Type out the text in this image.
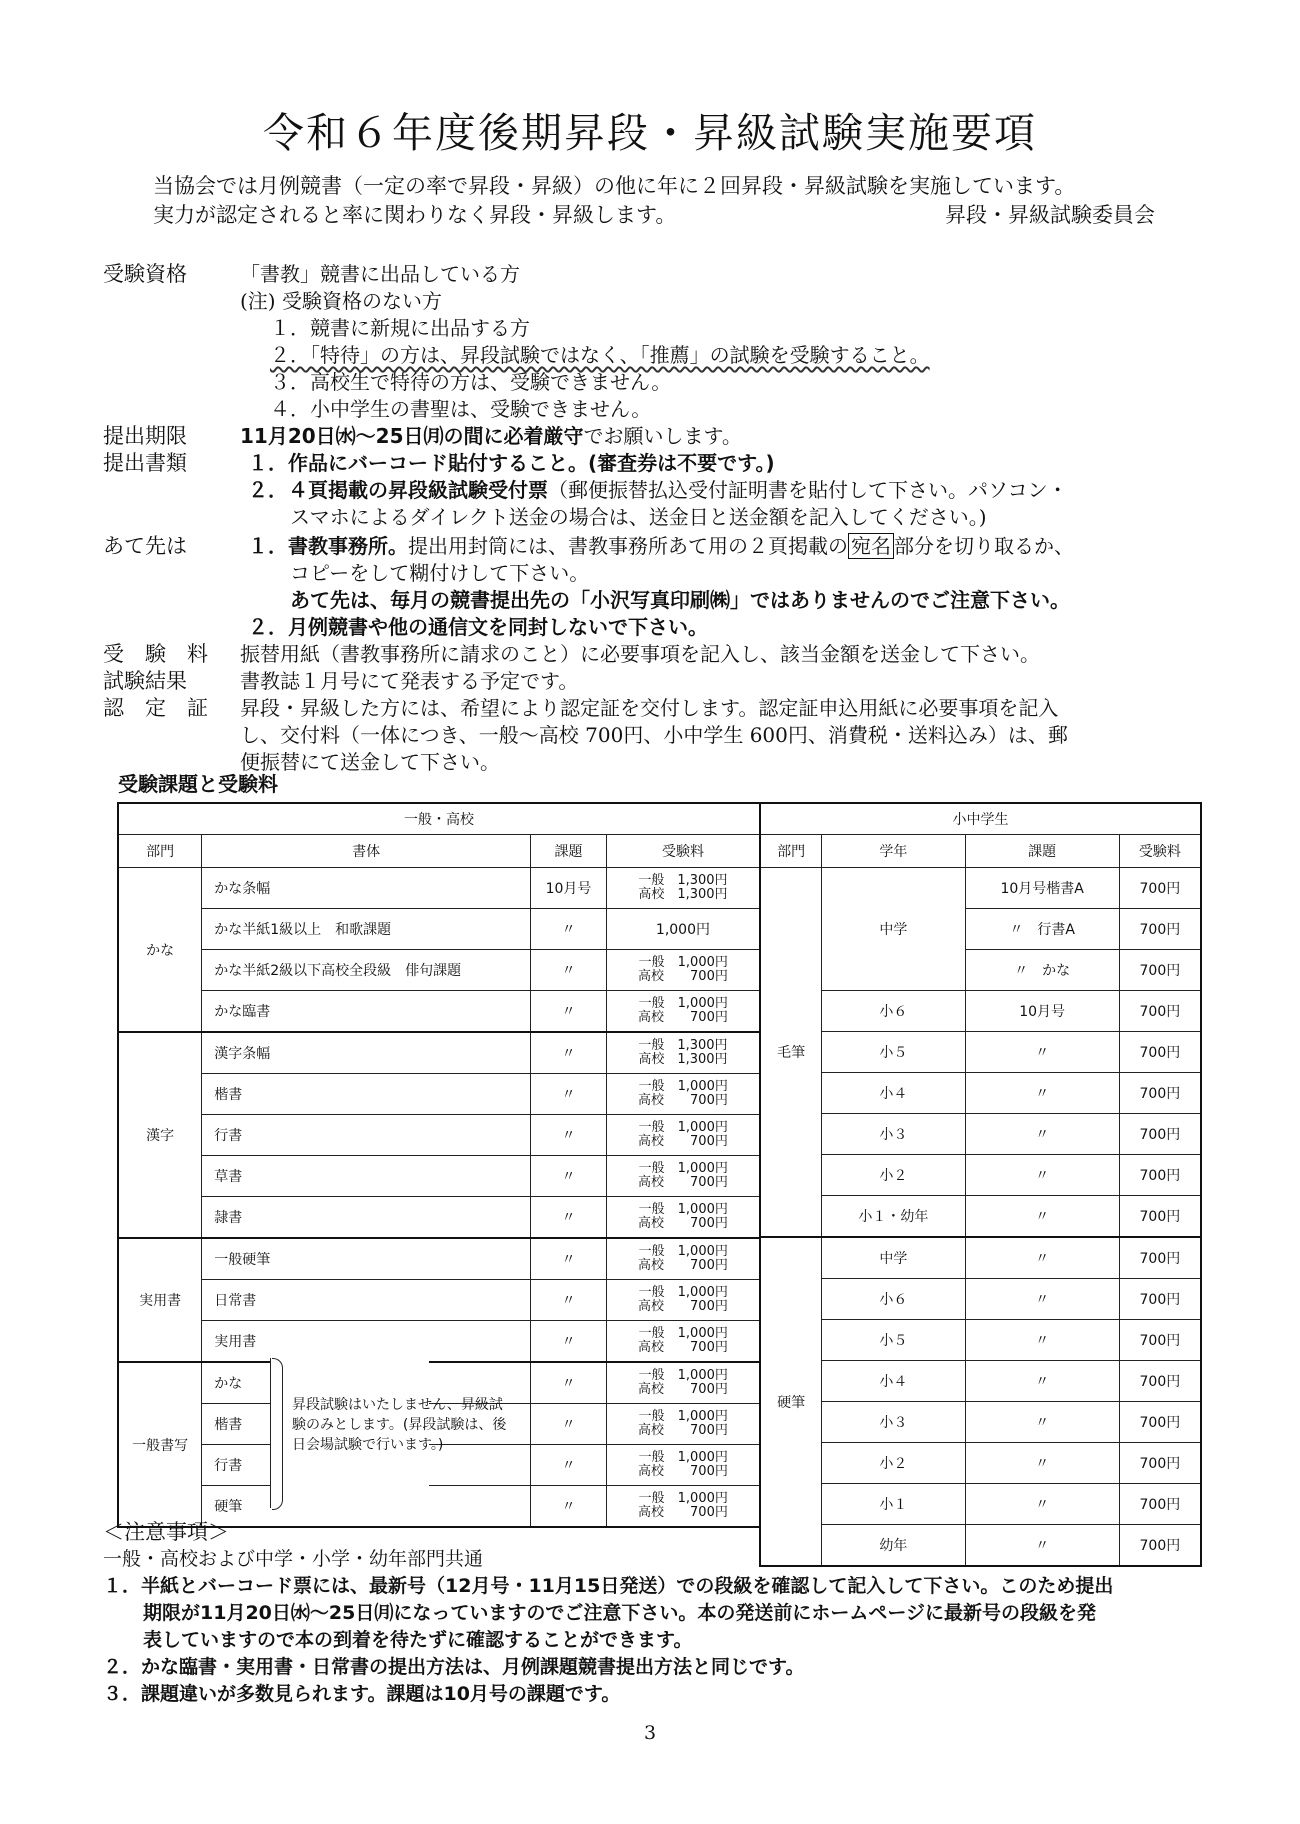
令和６年度後期昇段・昇級試験実施要項
当協会では月例競書（一定の率で昇段・昇級）の他に年に２回昇段・昇級試験を実施しています。
実力が認定されると率に関わりなく昇段・昇級します。	昇段・昇級試験委員会
受験資格	「書教」競書に出品している方
(注) 受験資格のない方
１．競書に新規に出品する方
２．「特待」の方は、昇段試験ではなく、「推薦」の試験を受験すること。
３．高校生で特待の方は、受験できません。
４．小中学生の書聖は、受験できません。
提出期限	11月20日㈬～25日㈪の間に必着厳守でお願いします。
提出書類	１．作品にバーコード貼付すること。(審査券は不要です。)
２．４頁掲載の昇段級試験受付票（郵便振替払込受付証明書を貼付して下さい。パソコン・
スマホによるダイレクト送金の場合は、送金日と送金額を記入してください。)
あて先は	１．書教事務所。提出用封筒には、書教事務所あて用の２頁掲載の 宛名 部分を切り取るか、
コピーをして糊付けして下さい。
あて先は、毎月の競書提出先の「小沢写真印刷㈱」ではありませんのでご注意下さい。
２．月例競書や他の通信文を同封しないで下さい。
受　験　料 振替用紙（書教事務所に請求のこと）に必要事項を記入し、該当金額を送金して下さい。
試験結果	書教誌１月号にて発表する予定です。
認　定　証 昇段・昇級した方には、希望により認定証を交付します。認定証申込用紙に必要事項を記入
し、交付料（一体につき、一般～高校 700円、小中学生 600円、消費税・送料込み）は、郵
便振替にて送金して下さい。
受験課題と受験料
一般・高校			
部門	書体	課題	受験料
かな	かな条幅	10月号	一般　1,300円
高校　1,300円
	かな半紙1級以上　和歌課題	〃	1,000円
	かな半紙2級以下高校全段級　俳句課題	〃	一般　1,000円
高校　　700円
	かな臨書	〃	一般　1,000円
高校　　700円
漢字	漢字条幅	〃	一般　1,300円
高校　1,300円
	楷書	〃	一般　1,000円
高校　　700円
	行書	〃	一般　1,000円
高校　　700円
	草書	〃	一般　1,000円
高校　　700円
	隷書	〃	一般　1,000円
高校　　700円
実用書	一般硬筆	〃	一般　1,000円
高校　　700円
	日常書	〃	一般　1,000円
高校　　700円
	実用書	〃	一般　1,000円
高校　　700円
一般書写	かな	〃	一般　1,000円
高校　　700円
	楷書	〃	一般　1,000円
高校　　700円
	行書	〃	一般　1,000円
高校　　700円
	硬筆	〃	一般　1,000円
高校　　700円
昇段試験はいたしません、昇級試験のみとします。(昇段試験は、後日会場試験で行います。)
小中学生			
部門	学年	課題	受験料
毛筆	中学	10月号楷書A	700円
		〃　行書A	700円
		〃　かな	700円
	小６	10月号	700円
	小５	〃	700円
	小４	〃	700円
	小３	〃	700円
	小２	〃	700円
	小１・幼年	〃	700円
硬筆	中学	〃	700円
	小６	〃	700円
	小５	〃	700円
	小４	〃	700円
	小３	〃	700円
	小２	〃	700円
	小１	〃	700円
	幼年	〃	700円
＜注意事項＞
一般・高校および中学・小学・幼年部門共通
１．半紙とバーコード票には、最新号（12月号・11月15日発送）での段級を確認して記入して下さい。このため提出
期限が11月20日㈬～25日㈪になっていますのでご注意下さい。本の発送前にホームページに最新号の段級を発
表していますので本の到着を待たずに確認することができます。
２．かな臨書・実用書・日常書の提出方法は、月例課題競書提出方法と同じです。
３．課題違いが多数見られます。課題は10月号の課題です。
3
